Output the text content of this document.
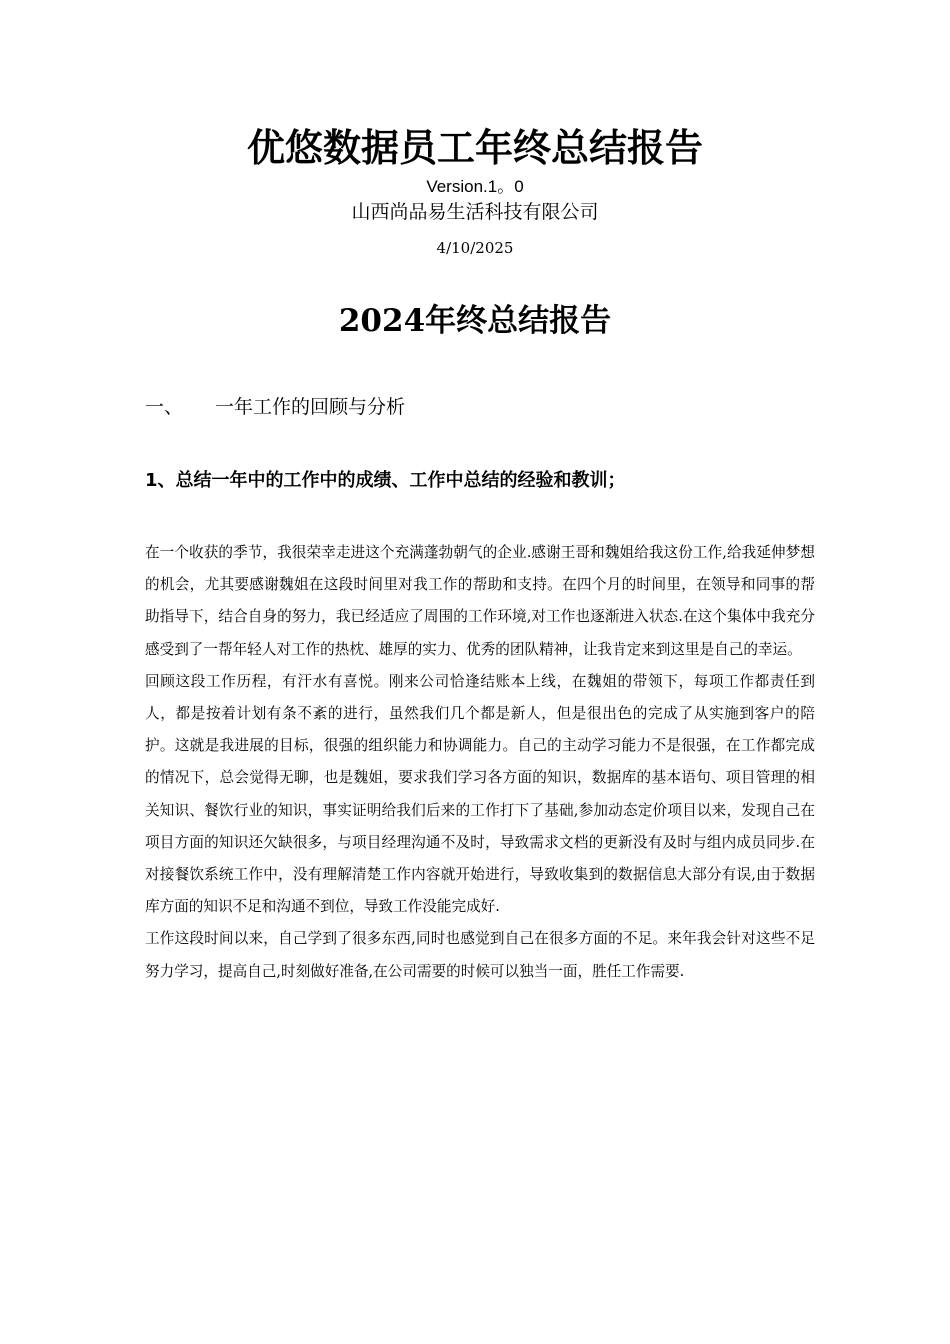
优悠数据员工年终总结报告
Version.1。0
山西尚品易生活科技有限公司
4/10/2025
2024年终总结报告
一、 一年工作的回顾与分析
1、总结一年中的工作中的成绩、工作中总结的经验和教训；

在一个收获的季节，我很荣幸走进这个充满蓬勃朝气的企业.感谢王哥和魏姐给我这份工作,给我延伸梦想的机会，尤其要感谢魏姐在这段时间里对我工作的帮助和支持。在四个月的时间里，在领导和同事的帮助指导下，结合自身的努力，我已经适应了周围的工作环境,对工作也逐渐进入状态.在这个集体中我充分感受到了一帮年轻人对工作的热枕、雄厚的实力、优秀的团队精神，让我肯定来到这里是自己的幸运。

回顾这段工作历程，有汗水有喜悦。刚来公司恰逢结账本上线，在魏姐的带领下，每项工作都责任到人，都是按着计划有条不紊的进行，虽然我们几个都是新人，但是很出色的完成了从实施到客户的陪护。这就是我进展的目标，很强的组织能力和协调能力。自己的主动学习能力不是很强，在工作都完成的情况下，总会觉得无聊，也是魏姐，要求我们学习各方面的知识，数据库的基本语句、项目管理的相关知识、餐饮行业的知识，事实证明给我们后来的工作打下了基础,参加动态定价项目以来，发现自己在项目方面的知识还欠缺很多，与项目经理沟通不及时，导致需求文档的更新没有及时与组内成员同步.在对接餐饮系统工作中，没有理解清楚工作内容就开始进行，导致收集到的数据信息大部分有误,由于数据库方面的知识不足和沟通不到位，导致工作没能完成好.

工作这段时间以来，自己学到了很多东西,同时也感觉到自己在很多方面的不足。来年我会针对这些不足努力学习，提高自己,时刻做好准备,在公司需要的时候可以独当一面，胜任工作需要.
